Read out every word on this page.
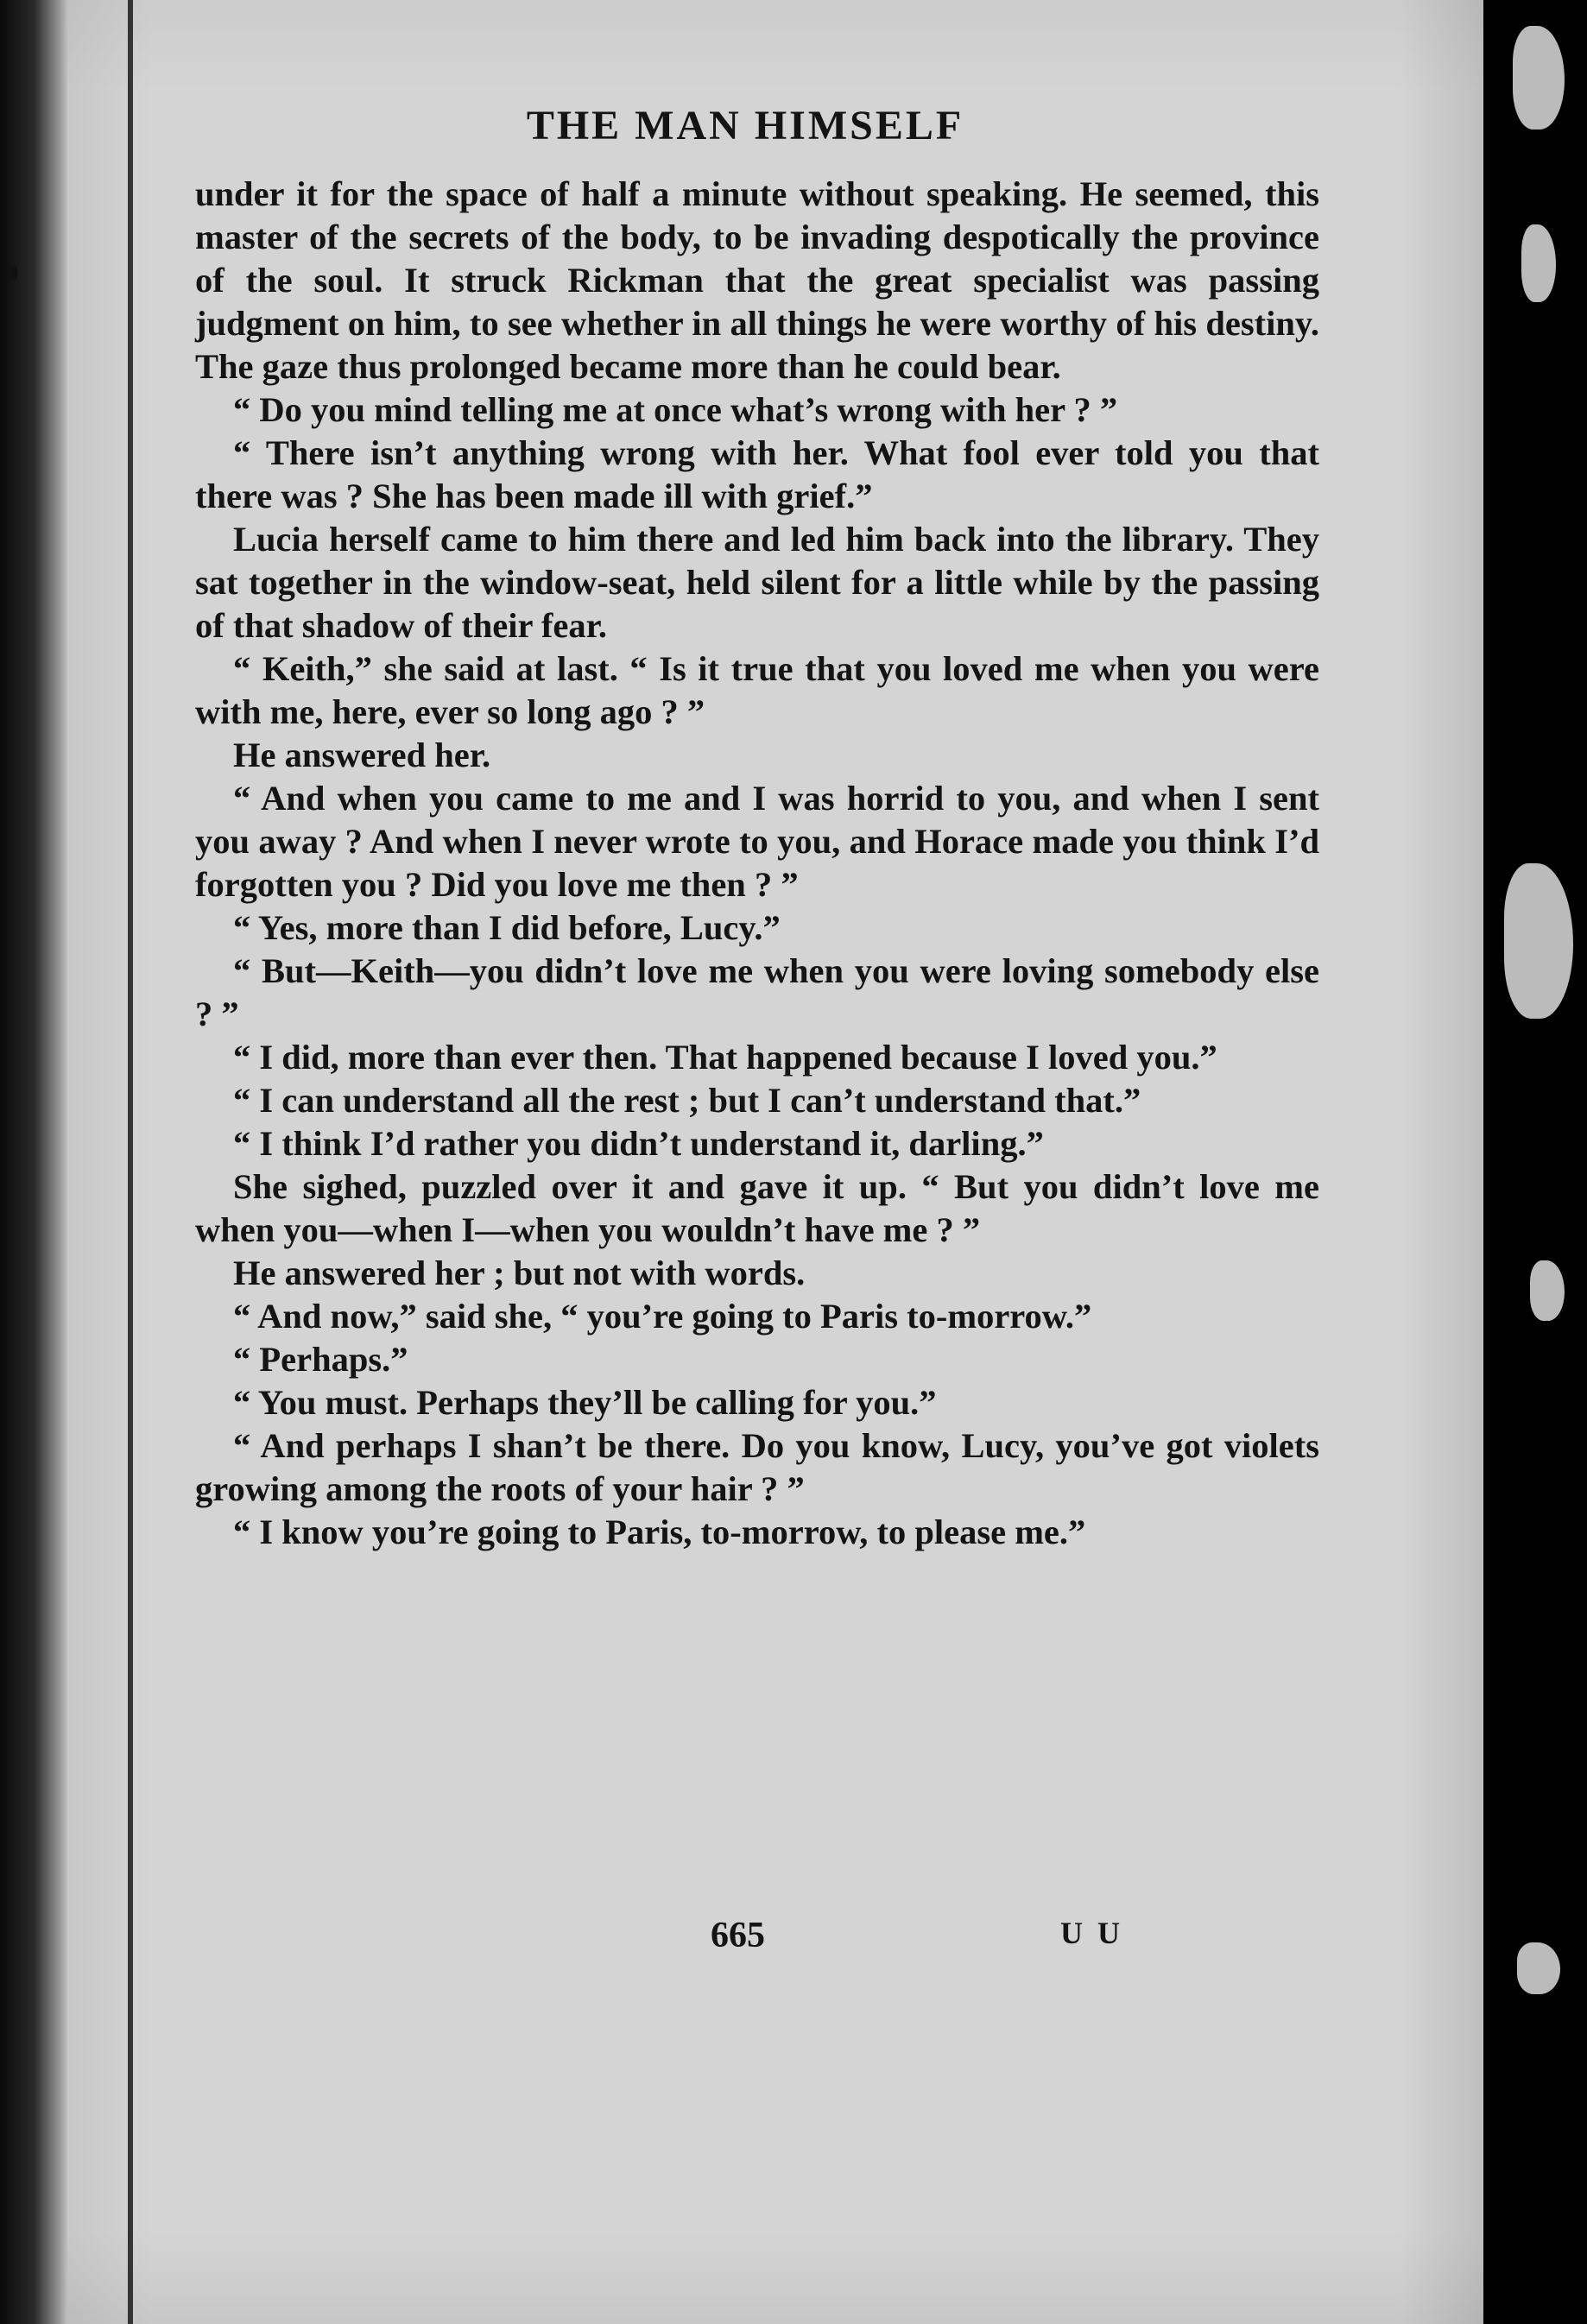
THE MAN HIMSELF

under it for the space of half a minute without speaking. He seemed, this master of the secrets of the body, to be invading despotically the province of the soul. It struck Rickman that the great specialist was passing judgment on him, to see whether in all things he were worthy of his destiny. The gaze thus prolonged became more than he could bear.

“ Do you mind telling me at once what’s wrong with her ? ”

“ There isn’t anything wrong with her. What fool ever told you that there was ? She has been made ill with grief.”

Lucia herself came to him there and led him back into the library. They sat together in the window-seat, held silent for a little while by the passing of that shadow of their fear.

“ Keith,” she said at last. “ Is it true that you loved me when you were with me, here, ever so long ago ? ”

He answered her.

“ And when you came to me and I was horrid to you, and when I sent you away ? And when I never wrote to you, and Horace made you think I’d forgotten you ? Did you love me then ? ”

“ Yes, more than I did before, Lucy.”

“ But—Keith—you didn’t love me when you were loving somebody else ? ”

“ I did, more than ever then. That happened because I loved you.”

“ I can understand all the rest ; but I can’t understand that.”

“ I think I’d rather you didn’t understand it, darling.”

She sighed, puzzled over it and gave it up. “ But you didn’t love me when you—when I—when you wouldn’t have me ? ”

He answered her ; but not with words.

“ And now,” said she, “ you’re going to Paris to-morrow.”

“ Perhaps.”

“ You must. Perhaps they’ll be calling for you.”

“ And perhaps I shan’t be there. Do you know, Lucy, you’ve got violets growing among the roots of your hair ? ”

“ I know you’re going to Paris, to-morrow, to please me.”

665	U U
